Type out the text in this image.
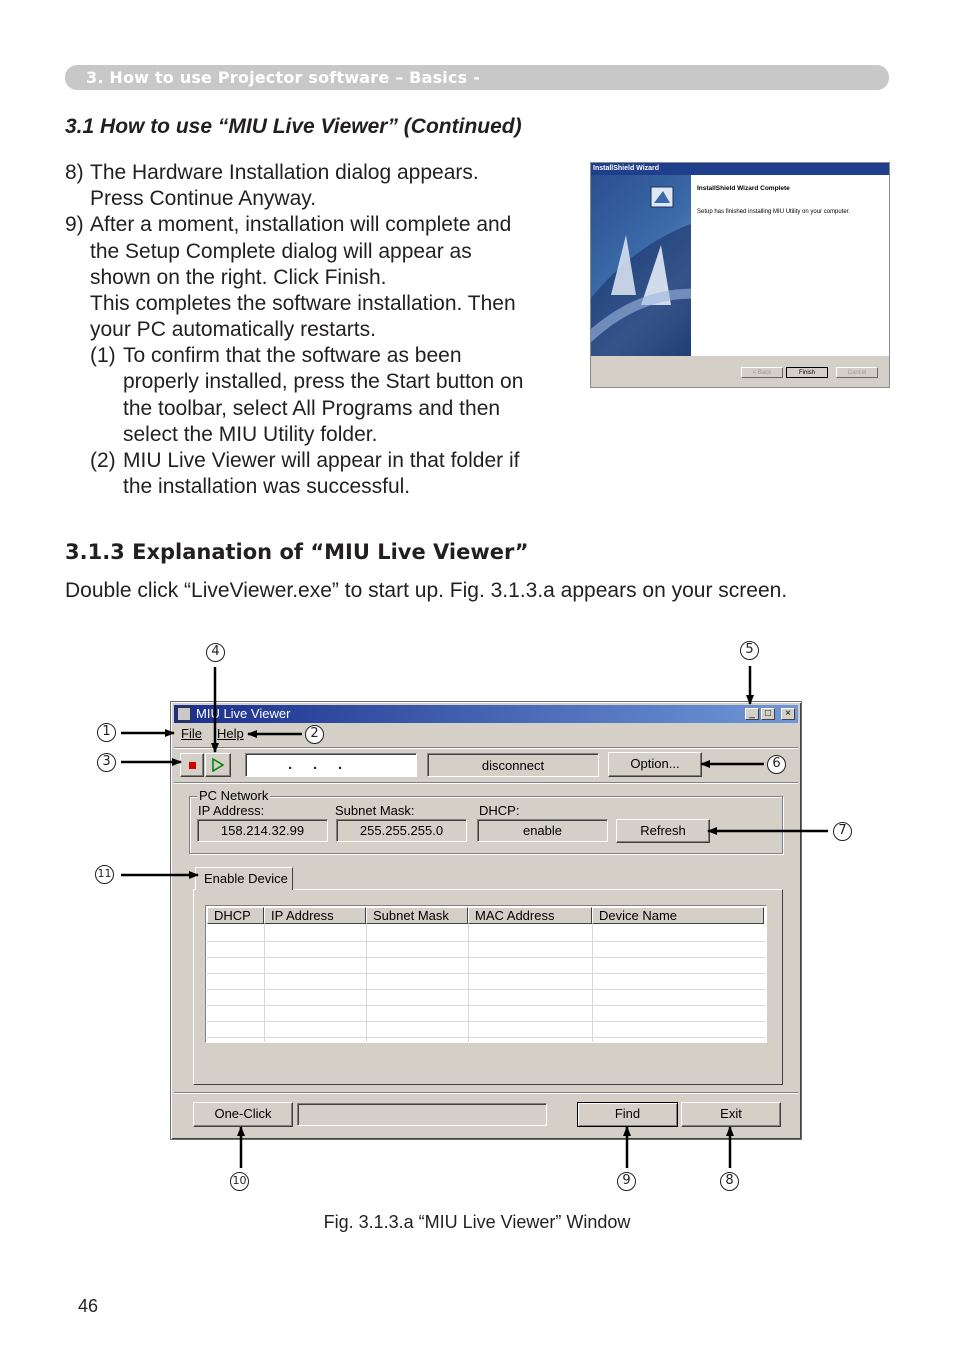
3. How to use Projector software – Basics -
3.1 How to use “MIU Live Viewer” (Continued)
8) The Hardware Installation dialog appears.
Press Continue Anyway.
9) After a moment, installation will complete and
the Setup Complete dialog will appear as
shown on the right. Click Finish.
This completes the software installation. Then
your PC automatically restarts.
(1) To confirm that the software as been
properly installed, press the Start button on
the toolbar, select All Programs and then
select the MIU Utility folder.
(2) MIU Live Viewer will appear in that folder if
the installation was successful.
InstallShield Wizard
InstallShield Wizard Complete
Setup has finished installing MIU Utility on your computer.
< Back	Finish	Cancel
3.1.3 Explanation of “MIU Live Viewer”
Double click “LiveViewer.exe” to start up. Fig. 3.1.3.a appears on your screen.
MIU Live Viewer	_	□	×
File Help
.     .     .	disconnect	Option...
PC Network
IP Address:	Subnet Mask:	DHCP:
158.214.32.99	255.255.255.0	enable	Refresh
Enable Device
DHCP	IP Address	Subnet Mask	MAC Address	Device Name
One-Click	Find	Exit
1	2
3
4	5
6
7
8
9
10
11
Fig. 3.1.3.a “MIU Live Viewer” Window
46
